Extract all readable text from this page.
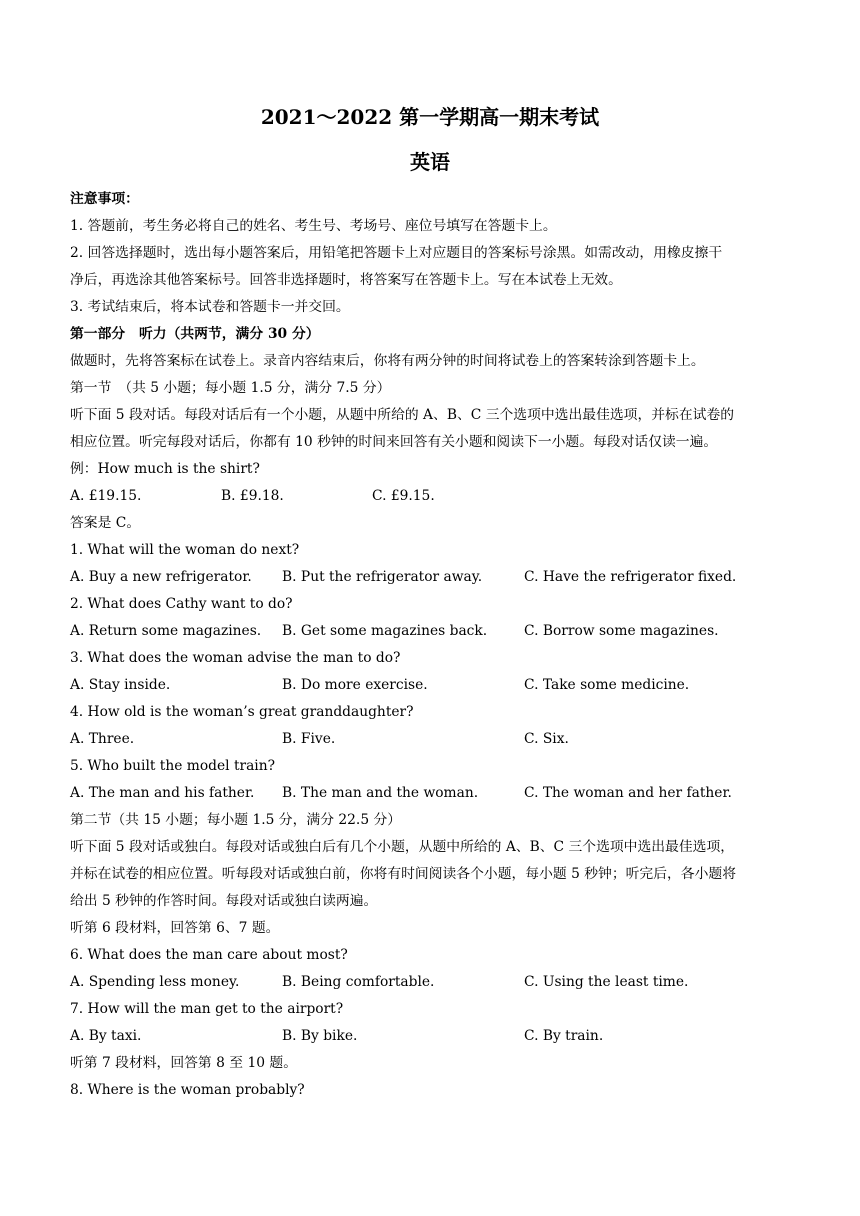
2021～2022 第一学期高一期末考试
英语
注意事项：
1. 答题前，考生务必将自己的姓名、考生号、考场号、座位号填写在答题卡上。
2. 回答选择题时，选出每小题答案后，用铅笔把答题卡上对应题目的答案标号涂黑。如需改动，用橡皮擦干
净后，再选涂其他答案标号。回答非选择题时，将答案写在答题卡上。写在本试卷上无效。
3. 考试结束后，将本试卷和答题卡一并交回。
第一部分　听力（共两节，满分 30 分）
做题时，先将答案标在试卷上。录音内容结束后，你将有两分钟的时间将试卷上的答案转涂到答题卡上。
第一节　（共 5 小题；每小题 1.5 分，满分 7.5 分）
听下面 5 段对话。每段对话后有一个小题，从题中所给的 A、B、C 三个选项中选出最佳选项，并标在试卷的
相应位置。听完每段对话后，你都有 10 秒钟的时间来回答有关小题和阅读下一小题。每段对话仅读一遍。
例：How much is the shirt?
A. £19.15.	B. £9.18.	C. £9.15.
答案是 C。
1. What will the woman do next?
A. Buy a new refrigerator. B. Put the refrigerator away.	C. Have the refrigerator fixed.
2. What does Cathy want to do?
A. Return some magazines. B. Get some magazines back.	C. Borrow some magazines.
3. What does the woman advise the man to do?
A. Stay inside.	B. Do more exercise.	C. Take some medicine.
4. How old is the woman’s great granddaughter?
A. Three.	B. Five.	C. Six.
5. Who built the model train?
A. The man and his father. B. The man and the woman.	C. The woman and her father.
第二节（共 15 小题；每小题 1.5 分，满分 22.5 分）
听下面 5 段对话或独白。每段对话或独白后有几个小题，从题中所给的 A、B、C 三个选项中选出最佳选项，
并标在试卷的相应位置。听每段对话或独白前，你将有时间阅读各个小题，每小题 5 秒钟；听完后，各小题将
给出 5 秒钟的作答时间。每段对话或独白读两遍。
听第 6 段材料，回答第 6、7 题。
6. What does the man care about most?
A. Spending less money.	B. Being comfortable.	C. Using the least time.
7. How will the man get to the airport?
A. By taxi.	B. By bike.	C. By train.
听第 7 段材料，回答第 8 至 10 题。
8. Where is the woman probably?
